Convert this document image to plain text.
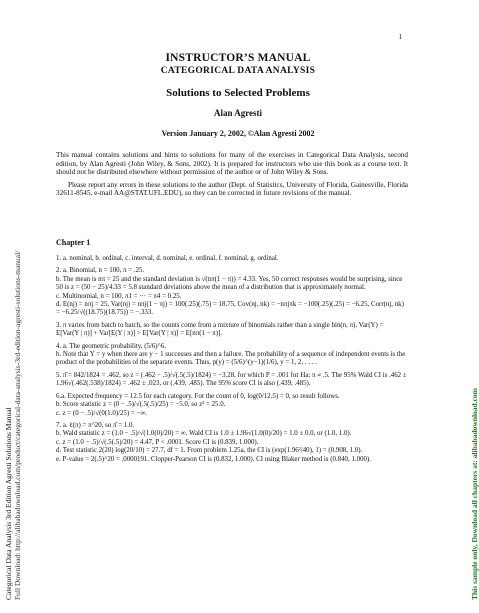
1
INSTRUCTOR’S MANUAL
CATEGORICAL DATA ANALYSIS
Solutions to Selected Problems
Alan Agresti
Version January 2, 2002, ©Alan Agresti 2002

This manual contains solutions and hints to solutions for many of the exercises in Categorical Data Analysis, second edition, by Alan Agresti (John Wiley, & Sons, 2002). It is prepared for instructors who use this book as a course text. It should not be distributed elsewhere without permission of the author or of John Wiley & Sons.

Please report any errors in these solutions to the author (Dept. of Statistics, University of Florida, Gainesville, Florida 32611-8545, e-mail AA@STAT.UFL.EDU), so they can be corrected in future revisions of the manual.

Chapter 1

1. a. nominal, b. ordinal, c. interval, d. nominal, e. ordinal, f. nominal, g. ordinal.

2. a. Binomial, n = 100, π = .25.

b. The mean is nπ = 25 and the standard deviation is √(nπ(1 − π)) = 4.33. Yes, 50 correct responses would be surprising, since 50 is z = (50 − 25)/4.33 = 5.8 standard deviations above the mean of a distribution that is approximately normal.

c. Multinomial, n = 100, π1 = ··· = π4 = 0.25.

d. E(nj) = nπj = 25, Var(nj) = nπj(1 − πj) = 100(.25)(.75) = 18.75, Cov(nj, nk) = −nπjπk = −100(.25)(.25) = −6.25, Corr(nj, nk) = −6.25/√((18.75)(18.75)) = −.333.

3. π varies from batch to batch, so the counts come from a mixture of binomials rather than a single bin(n, π). Var(Y) = E[Var(Y | π)] + Var[E(Y | π)] > E[Var(Y | π)] = E[nπ(1 − π)].

4. a. The geometric probability, (5/6)^6.

b. Note that Y = y when there are y − 1 successes and then a failure. The probability of a sequence of independent events is the product of the probabilities of the separate events. Thus, p(y) = (5/6)^(y−1)(1/6), y = 1, 2, . . . .

5. π̂ = 842/1824 = .462, so z = (.462 − .5)/√(.5(.5)/1824) = −3.28, for which P = .001 for Ha: π ≠ .5. The 95% Wald CI is .462 ± 1.96√(.462(.538)/1824) = .462 ± .023, or (.439, .485). The 95% score CI is also (.439, .485).

6.a. Expected frequency = 12.5 for each category. For the count of 0, log(0/12.5) = 0, so result follows.

b. Score statistic z = (0 − .5)/√(.5(.5)/25) = −5.0, so z² = 25.0.

c. z = (0 − .5)/√(0(1.0)/25) = −∞.

7. a. ℓ(π) = π^20, so π̂ = 1.0.

b. Wald statistic z = (1.0 − .5)/√(1.0(0)/20) = ∞. Wald CI is 1.0 ± 1.96√(1.0(0)/20) = 1.0 ± 0.0, or (1.0, 1.0).

c. z = (1.0 − .5)/√(.5(.5)/20) = 4.47, P < .0001. Score CI is (0.839, 1.000).

d. Test statistic 2(20) log(20/10) = 27.7, df = 1. From problem 1.25a, the CI is (exp(1.96²/40), 1) = (0.908, 1.0).

e. P-value = 2(.5)^20 = .0000191. Clopper-Pearson CI is (0.832, 1.000). CI using Blaker method is (0.840, 1.000).

Categorical Data Analysis 3rd Edition Agresti Solutions Manual Full Download: http://alibabadownload.com/product/categorical-data-analysis-3rd-edition-agresti-solutions-manual/	This sample only, Download all chapters at: alibabadownload.com
